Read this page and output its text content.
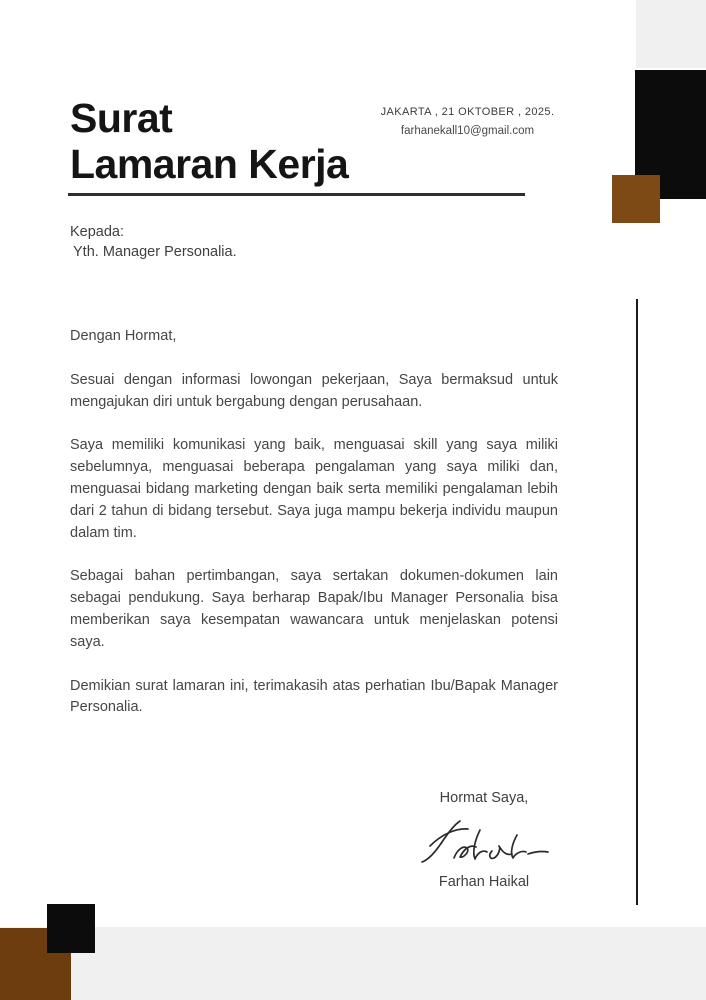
Surat
Lamaran Kerja
JAKARTA , 21 OKTOBER , 2025.
farhanekall10@gmail.com
Kepada:
Yth. Manager Personalia.

Dengan Hormat,

Sesuai dengan informasi lowongan pekerjaan, Saya bermaksud untuk mengajukan diri untuk bergabung dengan perusahaan.

Saya memiliki komunikasi yang baik, menguasai skill yang saya miliki sebelumnya, menguasai beberapa pengalaman yang saya miliki dan, menguasai bidang marketing dengan baik serta memiliki pengalaman lebih dari 2 tahun di bidang tersebut. Saya juga mampu bekerja individu maupun dalam tim.

Sebagai bahan pertimbangan, saya sertakan dokumen-dokumen lain sebagai pendukung. Saya berharap Bapak/Ibu Manager Personalia bisa memberikan saya kesempatan wawancara untuk menjelaskan potensi saya.

Demikian surat lamaran ini, terimakasih atas perhatian Ibu/Bapak Manager Personalia.

Hormat Saya,
Farhan Haikal
